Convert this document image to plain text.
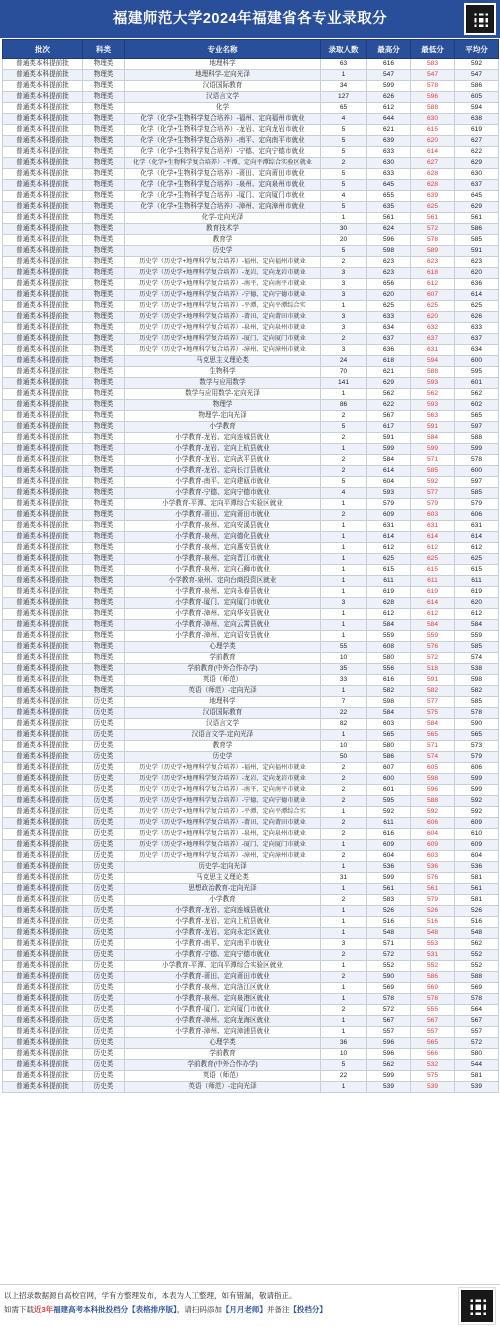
福建师范大学2024年福建省各专业录取分
批次	科类	专业名称	录取人数	最高分	最低分	平均分
普通类本科提前批	物理类	地理科学	63	616	583	592
普通类本科提前批	物理类	地理科学-定向光泽	1	547	547	547
普通类本科提前批	物理类	汉语国际教育	34	599	578	586
普通类本科提前批	物理类	汉语言文学	127	626	596	605
普通类本科提前批	物理类	化学	65	612	588	594
普通类本科提前批	物理类	化学（化学+生物科学复合培养）-福州、定向福州市就业	4	644	630	638
普通类本科提前批	物理类	化学（化学+生物科学复合培养）-龙岩、定向龙岩市就业	5	621	615	619
普通类本科提前批	物理类	化学（化学+生物科学复合培养）-南平、定向南平市就业	5	639	620	627
普通类本科提前批	物理类	化学（化学+生物科学复合培养）-宁德、定向宁德市就业	5	633	614	622
普通类本科提前批	物理类	化学（化学+生物科学复合培养）-平潭、定向平潭综合实验区就业	2	630	627	629
普通类本科提前批	物理类	化学（化学+生物科学复合培养）-莆田、定向莆田市就业	5	633	628	630
普通类本科提前批	物理类	化学（化学+生物科学复合培养）-泉州、定向泉州市就业	5	645	628	637
普通类本科提前批	物理类	化学（化学+生物科学复合培养）-厦门、定向厦门市就业	4	655	639	645
普通类本科提前批	物理类	化学（化学+生物科学复合培养）-漳州、定向漳州市就业	5	635	625	629
普通类本科提前批	物理类	化学-定向光泽	1	561	561	561
普通类本科提前批	物理类	教育技术学	30	624	572	586
普通类本科提前批	物理类	教育学	20	596	578	585
普通类本科提前批	物理类	历史学	5	598	589	591
普通类本科提前批	物理类	历史学（历史学+地理科学复合培养）-福州、定向福州市就业	2	623	623	623
普通类本科提前批	物理类	历史学（历史学+地理科学复合培养）-龙岩、定向龙岩市就业	3	623	618	620
普通类本科提前批	物理类	历史学（历史学+地理科学复合培养）-南平、定向南平市就业	3	656	612	636
普通类本科提前批	物理类	历史学（历史学+地理科学复合培养）-宁德、定向宁德市就业	3	620	607	614
普通类本科提前批	物理类	历史学（历史学+地理科学复合培养）-平潭、定向平潭综合实	1	625	625	625
普通类本科提前批	物理类	历史学（历史学+地理科学复合培养）-莆田、定向莆田市就业	3	633	620	626
普通类本科提前批	物理类	历史学（历史学+地理科学复合培养）-泉州、定向泉州市就业	3	634	632	633
普通类本科提前批	物理类	历史学（历史学+地理科学复合培养）-厦门、定向厦门市就业	2	637	637	637
普通类本科提前批	物理类	历史学（历史学+地理科学复合培养）-漳州、定向漳州市就业	3	636	631	634
普通类本科提前批	物理类	马克思主义理论类	24	618	594	600
普通类本科提前批	物理类	生物科学	70	621	588	595
普通类本科提前批	物理类	数学与应用数学	141	629	593	601
普通类本科提前批	物理类	数学与应用数学-定向光泽	1	562	562	562
普通类本科提前批	物理类	物理学	86	622	593	602
普通类本科提前批	物理类	物理学-定向光泽	2	567	563	565
普通类本科提前批	物理类	小学教育	5	617	591	597
普通类本科提前批	物理类	小学教育-龙岩、定向连城县就业	2	591	584	588
普通类本科提前批	物理类	小学教育-龙岩、定向上杭县就业	1	599	599	599
普通类本科提前批	物理类	小学教育-龙岩、定向武平县就业	2	584	571	578
普通类本科提前批	物理类	小学教育-龙岩、定向长汀县就业	2	614	585	600
普通类本科提前批	物理类	小学教育-南平、定向建瓯市就业	5	604	592	597
普通类本科提前批	物理类	小学教育-宁德、定向宁德市就业	4	593	577	585
普通类本科提前批	物理类	小学教育-平潭、定向平潭综合实验区就业	1	579	579	579
普通类本科提前批	物理类	小学教育-莆田、定向莆田市就业	2	609	603	606
普通类本科提前批	物理类	小学教育-泉州、定向安溪县就业	1	631	631	631
普通类本科提前批	物理类	小学教育-泉州、定向德化县就业	1	614	614	614
普通类本科提前批	物理类	小学教育-泉州、定向惠安县就业	1	612	612	612
普通类本科提前批	物理类	小学教育-泉州、定向晋江市就业	1	625	625	625
普通类本科提前批	物理类	小学教育-泉州、定向石狮市就业	1	615	615	615
普通类本科提前批	物理类	小学教育-泉州、定向台商投资区就业	1	611	611	611
普通类本科提前批	物理类	小学教育-泉州、定向永春县就业	1	619	619	619
普通类本科提前批	物理类	小学教育-厦门、定向厦门市就业	3	628	614	620
普通类本科提前批	物理类	小学教育-漳州、定向华安县就业	1	612	612	612
普通类本科提前批	物理类	小学教育-漳州、定向云霄县就业	1	584	584	584
普通类本科提前批	物理类	小学教育-漳州、定向诏安县就业	1	559	559	559
普通类本科提前批	物理类	心理学类	55	608	576	585
普通类本科提前批	物理类	学前教育	10	580	572	574
普通类本科提前批	物理类	学前教育(中外合作办学)	35	556	518	538
普通类本科提前批	物理类	英语（师范）	33	616	591	598
普通类本科提前批	物理类	英语（师范）-定向光泽	1	582	582	582
普通类本科提前批	历史类	地理科学	7	598	577	585
普通类本科提前批	历史类	汉语国际教育	22	584	575	578
普通类本科提前批	历史类	汉语言文学	82	603	584	590
普通类本科提前批	历史类	汉语言文学-定向光泽	1	565	565	565
普通类本科提前批	历史类	教育学	10	580	571	573
普通类本科提前批	历史类	历史学	50	586	574	579
普通类本科提前批	历史类	历史学（历史学+地理科学复合培养）-福州、定向福州市就业	2	607	605	606
普通类本科提前批	历史类	历史学（历史学+地理科学复合培养）-龙岩、定向龙岩市就业	2	600	598	599
普通类本科提前批	历史类	历史学（历史学+地理科学复合培养）-南平、定向南平市就业	2	601	596	599
普通类本科提前批	历史类	历史学（历史学+地理科学复合培养）-宁德、定向宁德市就业	2	595	588	592
普通类本科提前批	历史类	历史学（历史学+地理科学复合培养）-平潭、定向平潭综合实	1	592	592	592
普通类本科提前批	历史类	历史学（历史学+地理科学复合培养）-莆田、定向莆田市就业	2	611	606	609
普通类本科提前批	历史类	历史学（历史学+地理科学复合培养）-泉州、定向泉州市就业	2	616	604	610
普通类本科提前批	历史类	历史学（历史学+地理科学复合培养）-厦门、定向厦门市就业	1	609	609	609
普通类本科提前批	历史类	历史学（历史学+地理科学复合培养）-漳州、定向漳州市就业	2	604	603	604
普通类本科提前批	历史类	历史学-定向光泽	1	536	536	536
普通类本科提前批	历史类	马克思主义理论类	31	599	576	581
普通类本科提前批	历史类	思想政治教育-定向光泽	1	561	561	561
普通类本科提前批	历史类	小学教育	2	583	579	581
普通类本科提前批	历史类	小学教育-龙岩、定向连城县就业	1	526	526	526
普通类本科提前批	历史类	小学教育-龙岩、定向上杭县就业	1	516	516	516
普通类本科提前批	历史类	小学教育-龙岩、定向永定区就业	1	548	548	548
普通类本科提前批	历史类	小学教育-南平、定向南平市就业	3	571	553	562
普通类本科提前批	历史类	小学教育-宁德、定向宁德市就业	2	572	531	552
普通类本科提前批	历史类	小学教育-平潭、定向平潭综合实验区就业	1	552	552	552
普通类本科提前批	历史类	小学教育-莆田、定向莆田市就业	2	590	586	588
普通类本科提前批	历史类	小学教育-泉州、定向洛江区就业	1	569	569	569
普通类本科提前批	历史类	小学教育-泉州、定向泉港区就业	1	578	578	578
普通类本科提前批	历史类	小学教育-厦门、定向厦门市就业	2	572	555	564
普通类本科提前批	历史类	小学教育-漳州、定向龙海区就业	1	567	567	567
普通类本科提前批	历史类	小学教育-漳州、定向漳浦县就业	1	557	557	557
普通类本科提前批	历史类	心理学类	36	596	565	572
普通类本科提前批	历史类	学前教育	10	596	566	580
普通类本科提前批	历史类	学前教育(中外合作办学)	5	562	532	544
普通类本科提前批	历史类	英语（师范）	22	599	575	581
普通类本科提前批	历史类	英语（师范）-定向光泽	1	539	539	539
以上招录数据源自高校官网，学有方整理发布，本表为人工整理，如有错漏，敬请指正。
如需下载近3年福建高考本科批投档分【表格排序版】，请扫码添加【月月老师】并备注【投档分】
